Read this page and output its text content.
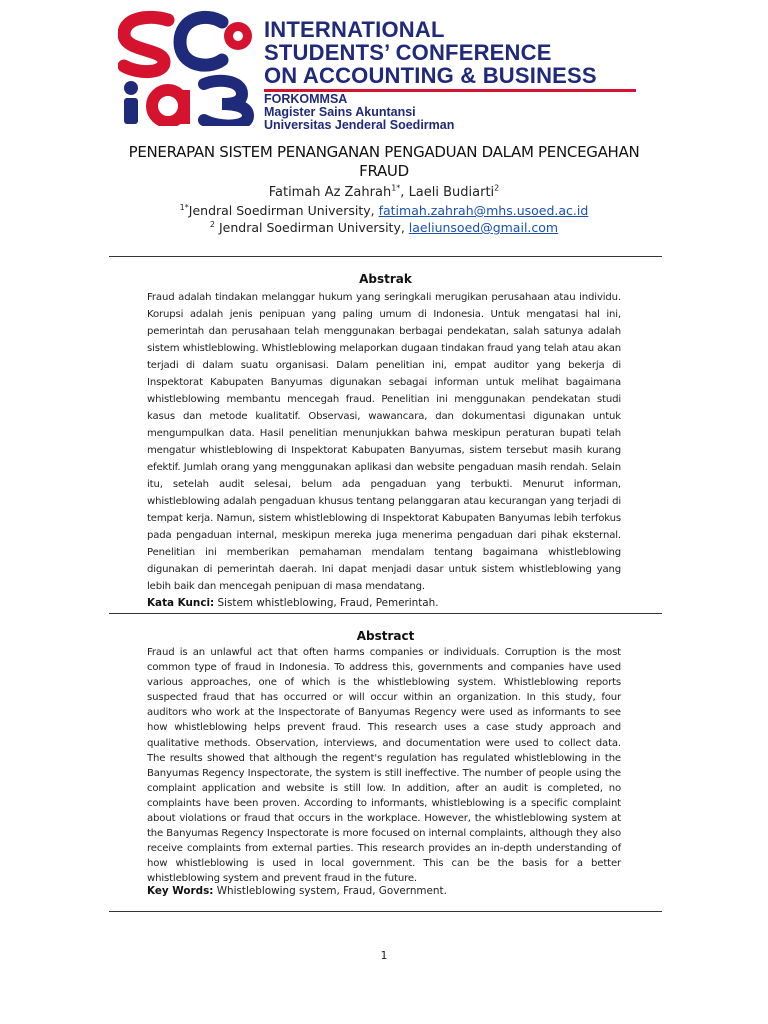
INTERNATIONAL
STUDENTS’ CONFERENCE
ON ACCOUNTING & BUSINESS
FORKOMMSA
Magister Sains Akuntansi
Universitas Jenderal Soedirman
PENERAPAN SISTEM PENANGANAN PENGADUAN DALAM PENCEGAHAN
FRAUD
Fatimah Az Zahrah$^{1*}$, Laeli Budiarti$^2$
$^{1*}$Jendral Soedirman University, fatimah.zahrah@mhs.usoed.ac.id
$^2$ Jendral Soedirman University, laeliunsoed@gmail.com
Abstrak

Fraud adalah tindakan melanggar hukum yang seringkali merugikan perusahaan atau individu. Korupsi adalah jenis penipuan yang paling umum di Indonesia. Untuk mengatasi hal ini, pemerintah dan perusahaan telah menggunakan berbagai pendekatan, salah satunya adalah sistem whistleblowing. Whistleblowing melaporkan dugaan tindakan fraud yang telah atau akan terjadi di dalam suatu organisasi. Dalam penelitian ini, empat auditor yang bekerja di Inspektorat Kabupaten Banyumas digunakan sebagai informan untuk melihat bagaimana whistleblowing membantu mencegah fraud. Penelitian ini menggunakan pendekatan studi kasus dan metode kualitatif. Observasi, wawancara, dan dokumentasi digunakan untuk mengumpulkan data. Hasil penelitian menunjukkan bahwa meskipun peraturan bupati telah mengatur whistleblowing di Inspektorat Kabupaten Banyumas, sistem tersebut masih kurang efektif. Jumlah orang yang menggunakan aplikasi dan website pengaduan masih rendah. Selain itu, setelah audit selesai, belum ada pengaduan yang terbukti. Menurut informan, whistleblowing adalah pengaduan khusus tentang pelanggaran atau kecurangan yang terjadi di tempat kerja. Namun, sistem whistleblowing di Inspektorat Kabupaten Banyumas lebih terfokus pada pengaduan internal, meskipun mereka juga menerima pengaduan dari pihak eksternal. Penelitian ini memberikan pemahaman mendalam tentang bagaimana whistleblowing digunakan di pemerintah daerah. Ini dapat menjadi dasar untuk sistem whistleblowing yang lebih baik dan mencegah penipuan di masa mendatang.

Kata Kunci: Sistem whistleblowing, Fraud, Pemerintah.
Abstract

Fraud is an unlawful act that often harms companies or individuals. Corruption is the most common type of fraud in Indonesia. To address this, governments and companies have used various approaches, one of which is the whistleblowing system. Whistleblowing reports suspected fraud that has occurred or will occur within an organization. In this study, four auditors who work at the Inspectorate of Banyumas Regency were used as informants to see how whistleblowing helps prevent fraud. This research uses a case study approach and qualitative methods. Observation, interviews, and documentation were used to collect data. The results showed that although the regent's regulation has regulated whistleblowing in the Banyumas Regency Inspectorate, the system is still ineffective. The number of people using the complaint application and website is still low. In addition, after an audit is completed, no complaints have been proven. According to informants, whistleblowing is a specific complaint about violations or fraud that occurs in the workplace. However, the whistleblowing system at the Banyumas Regency Inspectorate is more focused on internal complaints, although they also receive complaints from external parties. This research provides an in-depth understanding of how whistleblowing is used in local government. This can be the basis for a better whistleblowing system and prevent fraud in the future.

Key Words: Whistleblowing system, Fraud, Government.
1
